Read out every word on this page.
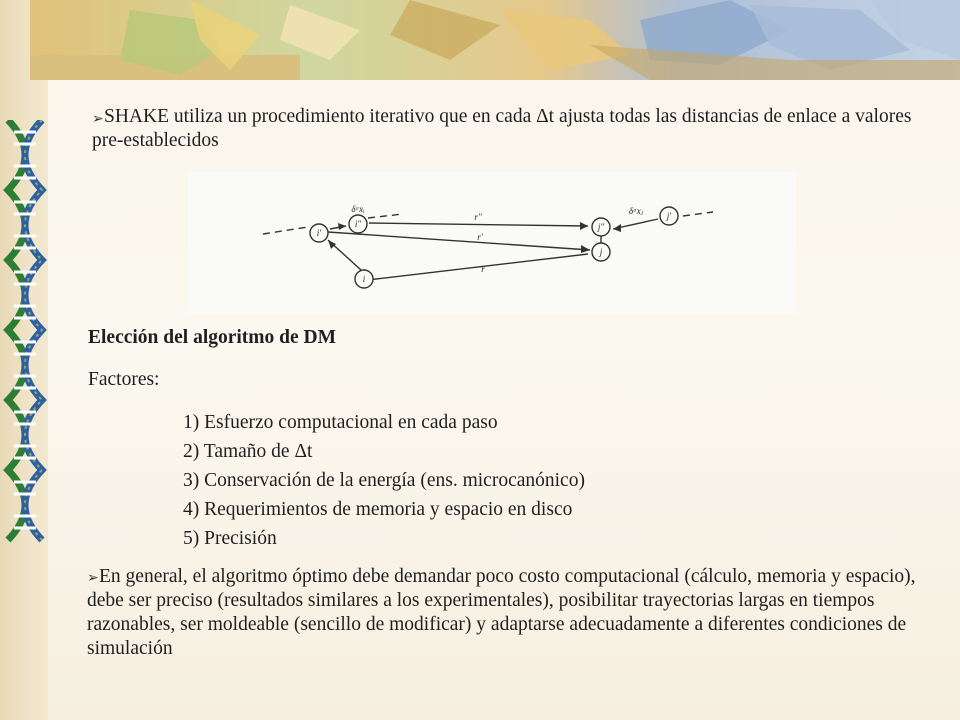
➢ SHAKE utiliza un procedimiento iterativo que en cada Δt ajusta todas las distancias de enlace a valores pre-establecidos
i'
i''
i
j''
j
j'
r''
r'
r
δᵃxᵢ	δᵃxⱼ
Elección del algoritmo de DM
Factores:
1) Esfuerzo computacional en cada paso
2) Tamaño de Δt
3) Conservación de la energía (ens. microcanónico)
4) Requerimientos de memoria y espacio en disco
5) Precisión
➢ En general, el algoritmo óptimo debe demandar poco costo computacional (cálculo, memoria y espacio), debe ser preciso (resultados similares a los experimentales), posibilitar trayectorias largas en tiempos razonables, ser moldeable (sencillo de modificar) y adaptarse adecuadamente a diferentes condiciones de simulación
